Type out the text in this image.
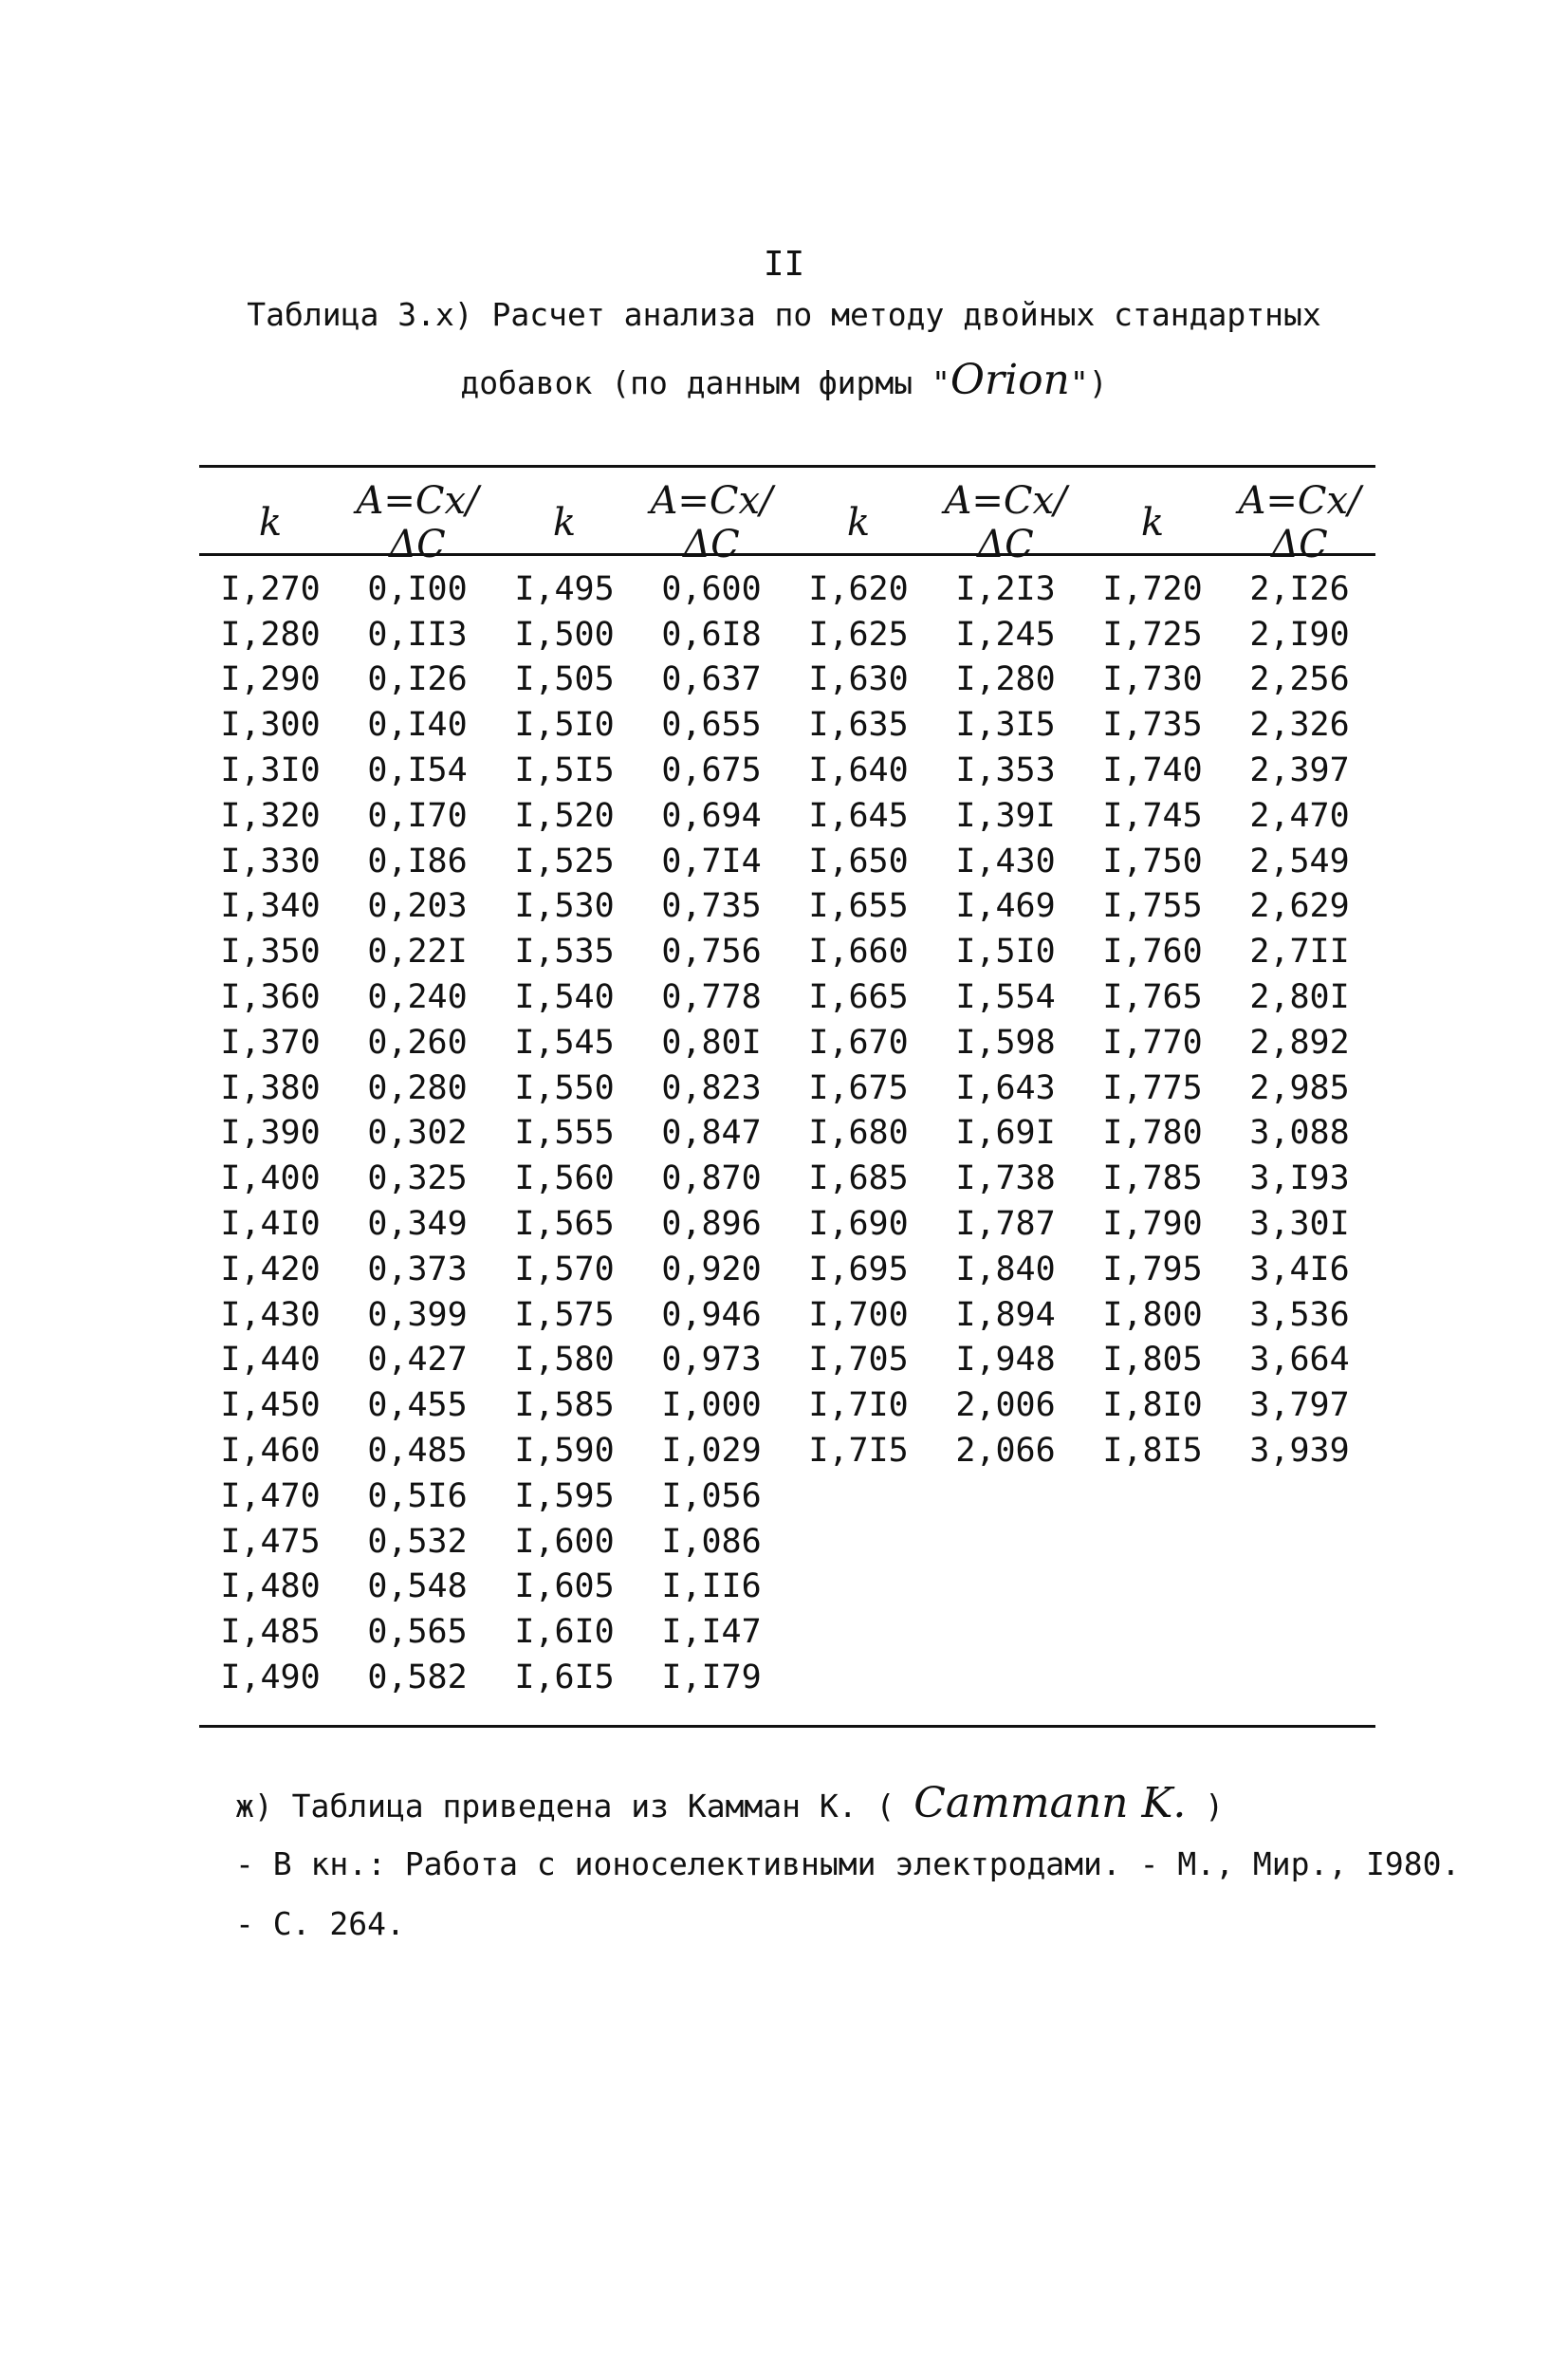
II
Таблица 3.x) Расчет анализа по методу двойных стандартных
добавок (по данным фирмы "Orion")
k	A=Cx/ΔC	k	A=Cx/ΔC	k	A=Cx/ΔC	k	A=Cx/ΔC
I,270	0,I00	I,495	0,600	I,620	I,2I3	I,720	2,I26
I,280	0,II3	I,500	0,6I8	I,625	I,245	I,725	2,I90
I,290	0,I26	I,505	0,637	I,630	I,280	I,730	2,256
I,300	0,I40	I,5I0	0,655	I,635	I,3I5	I,735	2,326
I,3I0	0,I54	I,5I5	0,675	I,640	I,353	I,740	2,397
I,320	0,I70	I,520	0,694	I,645	I,39I	I,745	2,470
I,330	0,I86	I,525	0,7I4	I,650	I,430	I,750	2,549
I,340	0,203	I,530	0,735	I,655	I,469	I,755	2,629
I,350	0,22I	I,535	0,756	I,660	I,5I0	I,760	2,7II
I,360	0,240	I,540	0,778	I,665	I,554	I,765	2,80I
I,370	0,260	I,545	0,80I	I,670	I,598	I,770	2,892
I,380	0,280	I,550	0,823	I,675	I,643	I,775	2,985
I,390	0,302	I,555	0,847	I,680	I,69I	I,780	3,088
I,400	0,325	I,560	0,870	I,685	I,738	I,785	3,I93
I,4I0	0,349	I,565	0,896	I,690	I,787	I,790	3,30I
I,420	0,373	I,570	0,920	I,695	I,840	I,795	3,4I6
I,430	0,399	I,575	0,946	I,700	I,894	I,800	3,536
I,440	0,427	I,580	0,973	I,705	I,948	I,805	3,664
I,450	0,455	I,585	I,000	I,7I0	2,006	I,8I0	3,797
I,460	0,485	I,590	I,029	I,7I5	2,066	I,8I5	3,939
I,470	0,5I6	I,595	I,056				
I,475	0,532	I,600	I,086				
I,480	0,548	I,605	I,II6				
I,485	0,565	I,6I0	I,I47				
I,490	0,582	I,6I5	I,I79				
ж) Таблица приведена из Камман К. ( Cammann K. )
- В кн.: Работа с ионоселективными электродами. - М., Мир., I980.
- С. 264.
